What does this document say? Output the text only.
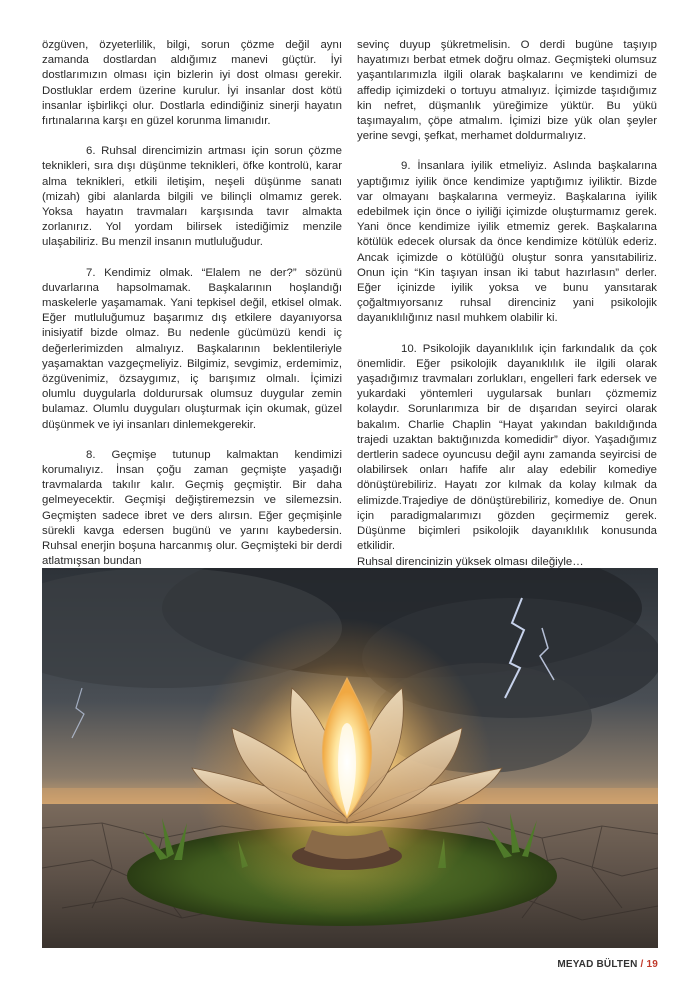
özgüven, özyeterlilik, bilgi, sorun çözme değil aynı zamanda dostlardan aldığımız manevi güçtür. İyi dostlarımızın olması için bizlerin iyi dost olması gerekir. Dostluklar erdem üzerine kurulur. İyi insanlar dost kötü insanlar işbirlikçi olur. Dostlarla edindiğiniz sinerji hayatın fırtınalarına karşı en güzel korunma limanıdır.

6. Ruhsal direncimizin artması için sorun çözme teknikleri, sıra dışı düşünme teknikleri, öfke kontrolü, karar alma teknikleri, etkili iletişim, neşeli düşünme sanatı (mizah) gibi alanlarda bilgili ve bilinçli olmamız gerek. Yoksa hayatın travmaları karşısında tavır almakta zorlanırız. Yol yordam bilirsek istediğimiz menzile ulaşabiliriz. Bu menzil insanın mutluluğudur.

7. Kendimiz olmak. “Elalem ne der?” sözünü duvarlarına hapsolmamak. Başkalarının hoşlandığı maskelerle yaşamamak. Yani tepkisel değil, etkisel olmak. Eğer mutluluğumuz başarımız dış etkilere dayanıyorsa inisiyatif bizde olmaz. Bu nedenle gücümüzü kendi iç değerlerimizden almalıyız. Başkalarının beklentileriyle yaşamaktan vazgeçmeliyiz. Bilgimiz, sevgimiz, erdemimiz, özgüvenimiz, özsaygımız, iç barışımız olmalı. İçimizi olumlu duygularla doldurursak olumsuz duygular zemin bulamaz. Olumlu duyguları oluşturmak için okumak, güzel düşünmek ve iyi insanları dinlemekgerekir.

8. Geçmişe tutunup kalmaktan kendimizi korumalıyız. İnsan çoğu zaman geçmişte yaşadığı travmalarda takılır kalır. Geçmiş geçmiştir. Bir daha gelmeyecektir. Geçmişi değiştiremezsin ve silemezsin. Geçmişten sadece ibret ve ders alırsın. Eğer geçmişinle sürekli kavga edersen bugünü ve yarını kaybedersin. Ruhsal enerjin boşuna harcanmış olur. Geçmişteki bir derdi atlatmışsan bundan

sevinç duyup şükretmelisin. O derdi bugüne taşıyıp hayatımızı berbat etmek doğru olmaz. Geçmişteki olumsuz yaşantılarımızla ilgili olarak başkalarını ve kendimizi de affedip içimizdeki o tortuyu atmalıyız. İçimizde taşıdığımız kin nefret, düşmanlık yüreğimize yüktür. Bu yükü taşımayalım, çöpe atmalım. İçimizi bize yük olan şeyler yerine sevgi, şefkat, merhamet doldurmalıyız.

9. İnsanlara iyilik etmeliyiz. Aslında başkalarına yaptığımız iyilik önce kendimize yaptığımız iyiliktir. Bizde var olmayanı başkalarına vermeyiz. Başkalarına iyilik edebilmek için önce o iyiliği içimizde oluşturmamız gerek. Yani önce kendimize iyilik etmemiz gerek. Başkalarına kötülük edecek olursak da önce kendimize kötülük ederiz. Ancak içimizde o kötülüğü oluştur sonra yansıtabiliriz. Onun için “Kin taşıyan insan iki tabut hazırlasın” derler. Eğer içinizde iyilik yoksa ve bunu yansıtarak çoğaltmıyorsanız ruhsal direnciniz yani psikolojik dayanıklılığınız nasıl muhkem olabilir ki.

10. Psikolojik dayanıklılık için farkındalık da çok önemlidir. Eğer psikolojik dayanıklılık ile ilgili olarak yaşadığımız travmaları zorlukları, engelleri fark edersek ve yukardaki yöntemleri uygularsak bunları çözmemiz kolaydır. Sorunlarımıza bir de dışarıdan seyirci olarak bakalım. Charlie Chaplin “Hayat yakından bakıldığında trajedi uzaktan baktığınızda komedidir” diyor. Yaşadığımız dertlerin sadece oyuncusu değil aynı zamanda seyircisi de olabilirsek onları hafife alır alay edebilir komediye dönüştürebiliriz. Hayatı zor kılmak da kolay kılmak da elimizde.Trajediye de dönüştürebiliriz, komediye de. Onun için paradigmalarımızı gözden geçirmemiz gerek. Düşünme biçimleri psikolojik dayanıklılık konusunda etkilidir.

Ruhsal direncinizin yüksek olması dileğiyle…

MEYAD BÜLTEN / 19
